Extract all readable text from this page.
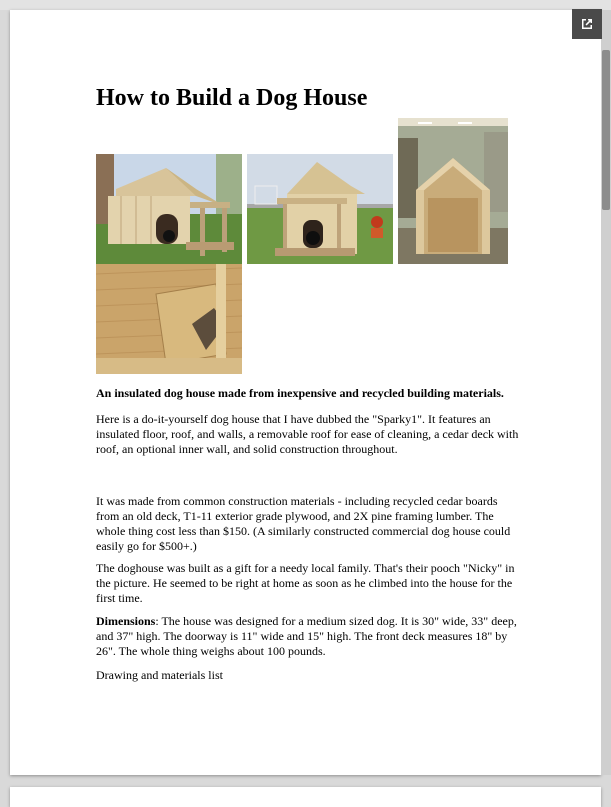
How to Build a Dog House

An insulated dog house made from inexpensive and recycled building materials.

Here is a do-it-yourself dog house that I have dubbed the "Sparky1". It features an insulated floor, roof, and walls, a removable roof for ease of cleaning, a cedar deck with roof, an optional inner wall, and solid construction throughout.

It was made from common construction materials - including recycled cedar boards from an old deck, T1-11 exterior grade plywood, and 2X pine framing lumber. The whole thing cost less than $150. (A similarly constructed commercial dog house could easily go for $500+.)

The doghouse was built as a gift for a needy local family. That's their pooch "Nicky" in the picture. He seemed to be right at home as soon as he climbed into the house for the first time.

Dimensions: The house was designed for a medium sized dog. It is 30" wide, 33" deep, and 37" high. The doorway is 11" wide and 15" high. The front deck measures 18" by 26". The whole thing weighs about 100 pounds.

Drawing and materials list
